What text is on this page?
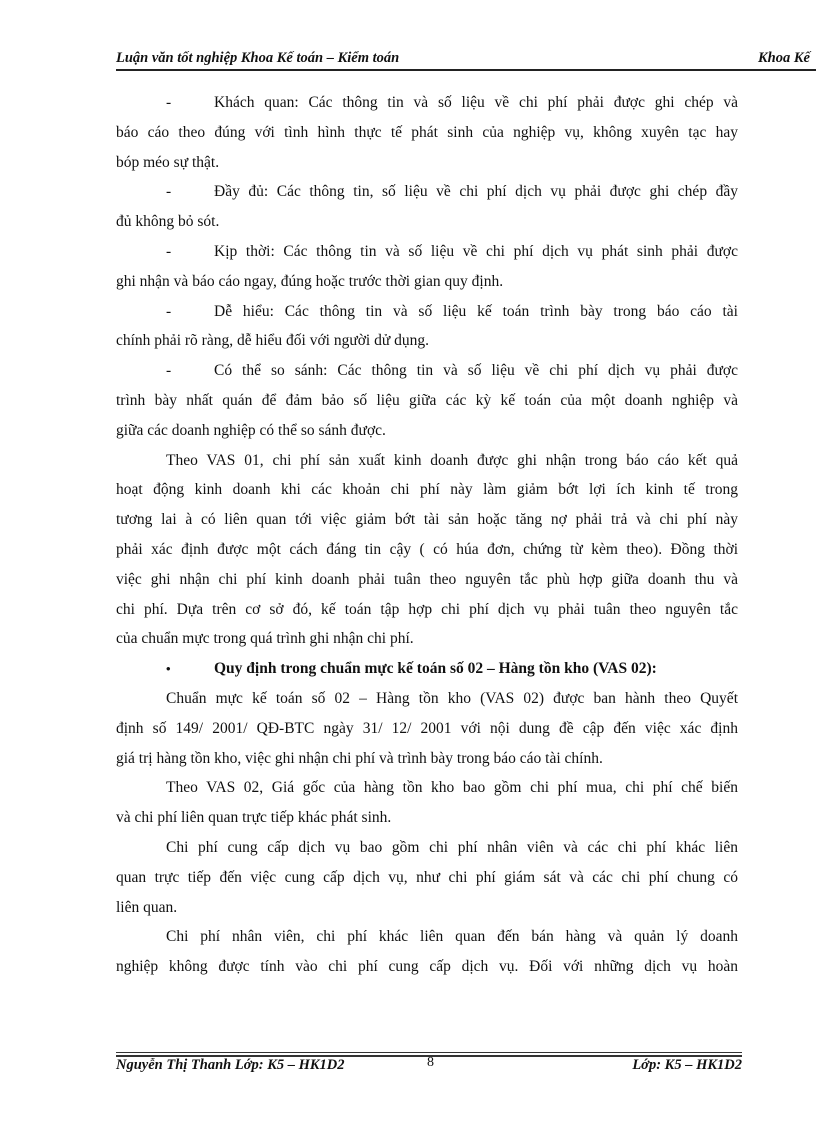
Luận văn tốt nghiệp Khoa Kế toán – Kiểm toán	Khoa Kế
-	Khách quan: Các thông tin và số liệu về chi phí phải được ghi chép và
báo cáo theo đúng với tình hình thực tế phát sinh của nghiệp vụ, không xuyên tạc hay
bóp méo sự thật.
-	Đầy đủ: Các thông tin, số liệu về chi phí dịch vụ phải được ghi chép đầy
đủ không bỏ sót.
-	Kịp thời: Các thông tin và số liệu về chi phí dịch vụ phát sinh phải được
ghi nhận và báo cáo ngay, đúng hoặc trước thời gian quy định.
-	Dễ hiểu: Các thông tin và số liệu kế toán trình bày trong báo cáo tài
chính phải rõ ràng, dễ hiểu đối với người dử dụng.
-	Có thể so sánh: Các thông tin và số liệu về chi phí dịch vụ phải được
trình bày nhất quán để đảm bảo số liệu giữa các kỳ kế toán của một doanh nghiệp và
giữa các doanh nghiệp có thể so sánh được.
Theo VAS 01, chi phí sản xuất kinh doanh được ghi nhận trong báo cáo kết quả
hoạt động kinh doanh khi các khoản chi phí này làm giảm bớt lợi ích kinh tế trong
tương lai à có liên quan tới việc giảm bớt tài sản hoặc tăng nợ phải trả và chi phí này
phải xác định được một cách đáng tin cậy ( có húa đơn, chứng từ kèm theo). Đồng thời
việc ghi nhận chi phí kinh doanh phải tuân theo nguyên tắc phù hợp giữa doanh thu và
chi phí. Dựa trên cơ sở đó, kế toán tập hợp chi phí dịch vụ phải tuân theo nguyên tắc
của chuẩn mực trong quá trình ghi nhận chi phí.
•	Quy định trong chuẩn mực kế toán số 02 – Hàng tồn kho (VAS 02):
Chuẩn mực kế toán số 02 – Hàng tồn kho (VAS 02) được ban hành theo Quyết
định số 149/ 2001/ QĐ-BTC ngày 31/ 12/ 2001 với nội dung đề cập đến việc xác định
giá trị hàng tồn kho, việc ghi nhận chi phí và trình bày trong báo cáo tài chính.
Theo VAS 02, Giá gốc của hàng tồn kho bao gồm chi phí mua, chi phí chế biến
và chi phí liên quan trực tiếp khác phát sinh.
Chi phí cung cấp dịch vụ bao gồm chi phí nhân viên và các chi phí khác liên
quan trực tiếp đến việc cung cấp dịch vụ, như chi phí giám sát và các chi phí chung có
liên quan.
Chi phí nhân viên, chi phí khác liên quan đến bán hàng và quản lý doanh
nghiệp không được tính vào chi phí cung cấp dịch vụ. Đối với những dịch vụ hoàn
Nguyễn Thị Thanh Lớp: K5 – HK1D2	8	Lớp: K5 – HK1D2
